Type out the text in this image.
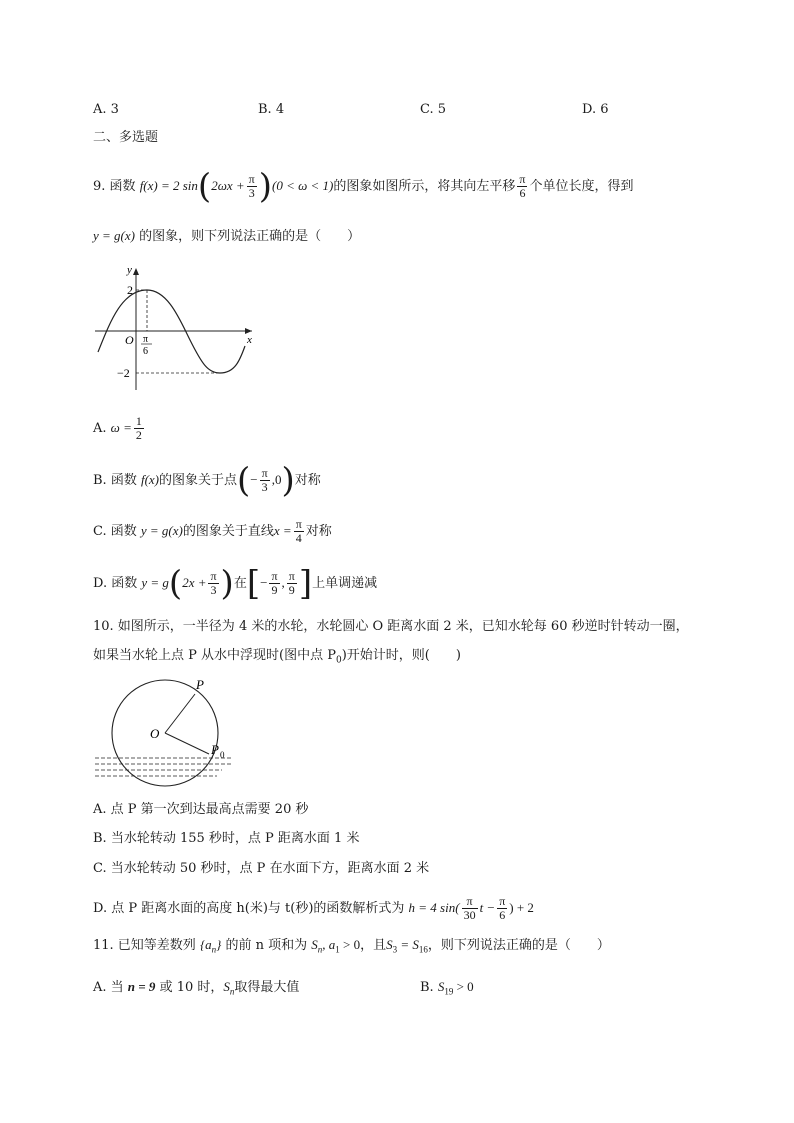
A. 3	B. 4	C. 5	D. 6
二、多选题
9. 函数 f(x) = 2 $\sin(2\omega x + \frac{\pi}{3} )(0 < \omega < 1)$的图象如图所示，将其向左平移 $\frac{\pi}{6}$ 个单位长度，得到
y = g(x) 的图象，则下列说法正确的是（　　）
y
x
O
2
−2
π
6
A. $\omega = \frac{1}{2}$
B. 函数 f(x)的图象关于点(− $\frac{\pi}{3} ,0$)对称
C. 函数 y = g(x)的图象关于直线$x = \frac{\pi}{4}$ 对称
D. 函数 $y = g(2x + \frac{\pi}{3}$ )在[− $\frac{\pi}{9}$ , $\frac{\pi}{9}$ ]上单调递减
10. 如图所示，一半径为 4 米的水轮，水轮圆心 O 距离水面 2 米，已知水轮每 60 秒逆时针转动一圈，
如果当水轮上点 P 从水中浮现时(图中点 $P_0$)开始计时，则(　　)
P
O
P 0
A. 点 P 第一次到达最高点需要 20 秒
B. 当水轮转动 155 秒时，点 P 距离水面 1 米
C. 当水轮转动 50 秒时，点 P 在水面下方，距离水面 2 米
D. 点 P 距离水面的高度 h(米)与 t(秒)的函数解析式为 h = 4 $\sin( \frac{\pi}{30}$ $t - \frac{\pi}{6}$ ) + 2
11. 已知等差数列 $\{a_n\}$ 的前 n 项和为 $S_n$, $a_1 > 0$，且$S_3 = S_{16}$，则下列说法正确的是（　　）
A. 当 n = 9 或 10 时，$S_n$取得最大值	B. $S_{19} > 0$
